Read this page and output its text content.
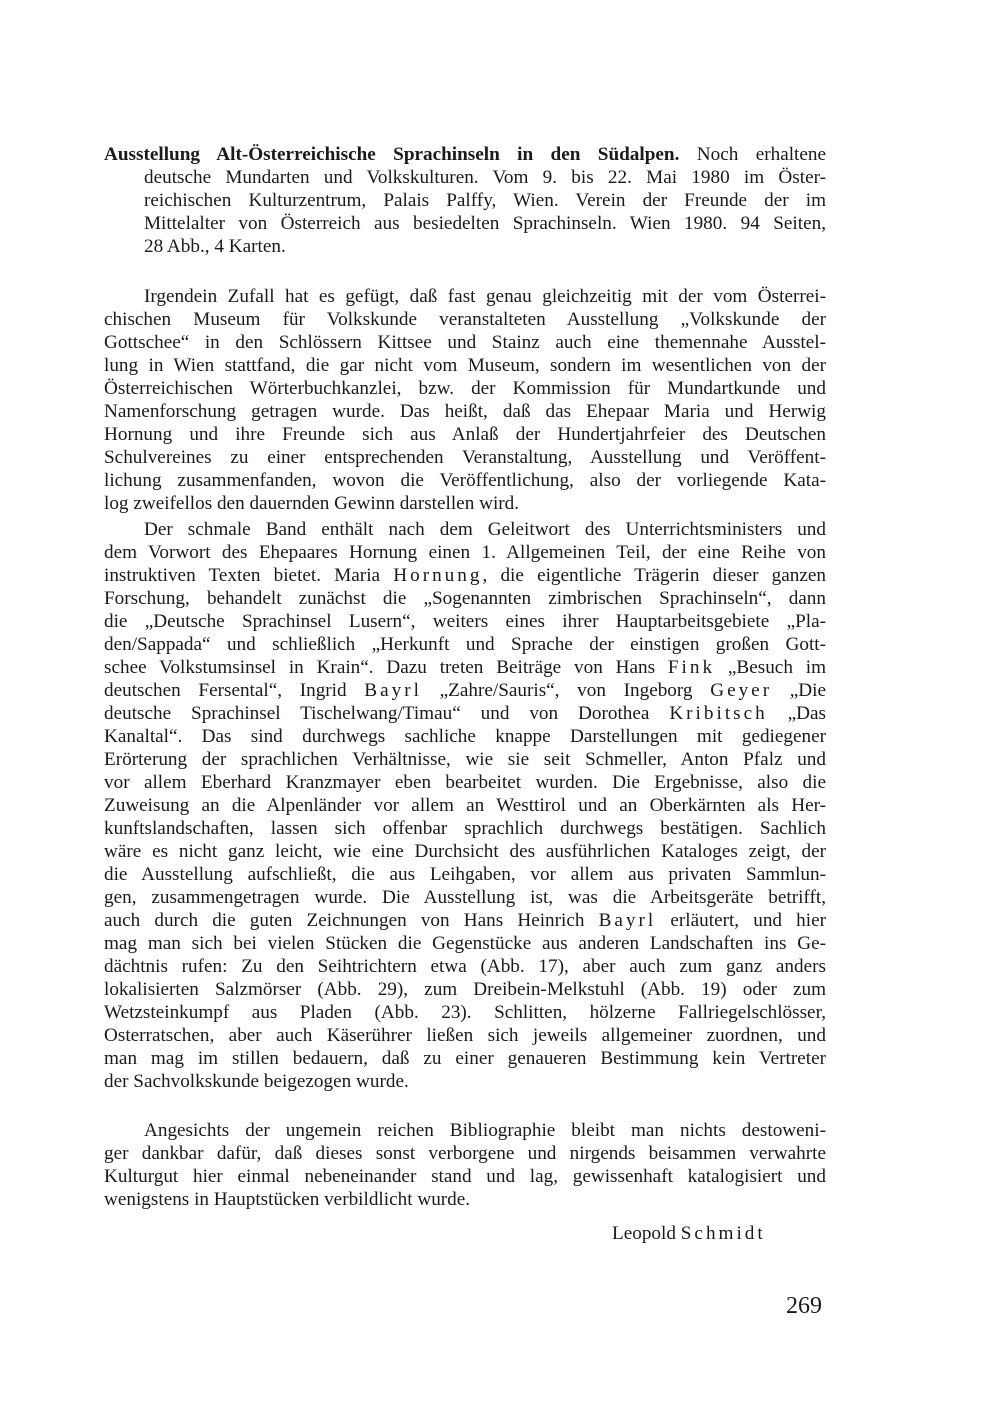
Ausstellung Alt-Österreichische Sprachinseln in den Südalpen. Noch erhaltene
deutsche Mundarten und Volkskulturen. Vom 9. bis 22. Mai 1980 im Öster-
reichischen Kulturzentrum, Palais Palffy, Wien. Verein der Freunde der im
Mittelalter von Österreich aus besiedelten Sprachinseln. Wien 1980. 94 Seiten,
28 Abb., 4 Karten.
Irgendein Zufall hat es gefügt, daß fast genau gleichzeitig mit der vom Österrei-
chischen Museum für Volkskunde veranstalteten Ausstellung „Volkskunde der
Gottschee“ in den Schlössern Kittsee und Stainz auch eine themennahe Ausstel-
lung in Wien stattfand, die gar nicht vom Museum, sondern im wesentlichen von der
Österreichischen Wörterbuchkanzlei, bzw. der Kommission für Mundartkunde und
Namenforschung getragen wurde. Das heißt, daß das Ehepaar Maria und Herwig
Hornung und ihre Freunde sich aus Anlaß der Hundertjahrfeier des Deutschen
Schulvereines zu einer entsprechenden Veranstaltung, Ausstellung und Veröffent-
lichung zusammenfanden, wovon die Veröffentlichung, also der vorliegende Kata-
log zweifellos den dauernden Gewinn darstellen wird.
Der schmale Band enthält nach dem Geleitwort des Unterrichtsministers und
dem Vorwort des Ehepaares Hornung einen 1. Allgemeinen Teil, der eine Reihe von
instruktiven Texten bietet. Maria Hornung, die eigentliche Trägerin dieser ganzen
Forschung, behandelt zunächst die „Sogenannten zimbrischen Sprachinseln“, dann
die „Deutsche Sprachinsel Lusern“, weiters eines ihrer Hauptarbeitsgebiete „Pla-
den/Sappada“ und schließlich „Herkunft und Sprache der einstigen großen Gott-
schee Volkstumsinsel in Krain“. Dazu treten Beiträge von Hans Fink „Besuch im
deutschen Fersental“, Ingrid Bayrl „Zahre/Sauris“, von Ingeborg Geyer „Die
deutsche Sprachinsel Tischelwang/Timau“ und von Dorothea Kribitsch „Das
Kanaltal“. Das sind durchwegs sachliche knappe Darstellungen mit gediegener
Erörterung der sprachlichen Verhältnisse, wie sie seit Schmeller, Anton Pfalz und
vor allem Eberhard Kranzmayer eben bearbeitet wurden. Die Ergebnisse, also die
Zuweisung an die Alpenländer vor allem an Westtirol und an Oberkärnten als Her-
kunftslandschaften, lassen sich offenbar sprachlich durchwegs bestätigen. Sachlich
wäre es nicht ganz leicht, wie eine Durchsicht des ausführlichen Kataloges zeigt, der
die Ausstellung aufschließt, die aus Leihgaben, vor allem aus privaten Sammlun-
gen, zusammengetragen wurde. Die Ausstellung ist, was die Arbeitsgeräte betrifft,
auch durch die guten Zeichnungen von Hans Heinrich Bayrl erläutert, und hier
mag man sich bei vielen Stücken die Gegenstücke aus anderen Landschaften ins Ge-
dächtnis rufen: Zu den Seihtrichtern etwa (Abb. 17), aber auch zum ganz anders
lokalisierten Salzmörser (Abb. 29), zum Dreibein-Melkstuhl (Abb. 19) oder zum
Wetzsteinkumpf aus Pladen (Abb. 23). Schlitten, hölzerne Fallriegelschlösser,
Osterratschen, aber auch Käserührer ließen sich jeweils allgemeiner zuordnen, und
man mag im stillen bedauern, daß zu einer genaueren Bestimmung kein Vertreter
der Sachvolkskunde beigezogen wurde.
Angesichts der ungemein reichen Bibliographie bleibt man nichts destoweni-
ger dankbar dafür, daß dieses sonst verborgene und nirgends beisammen verwahrte
Kulturgut hier einmal nebeneinander stand und lag, gewissenhaft katalogisiert und
wenigstens in Hauptstücken verbildlicht wurde.
Leopold Schmidt
269
